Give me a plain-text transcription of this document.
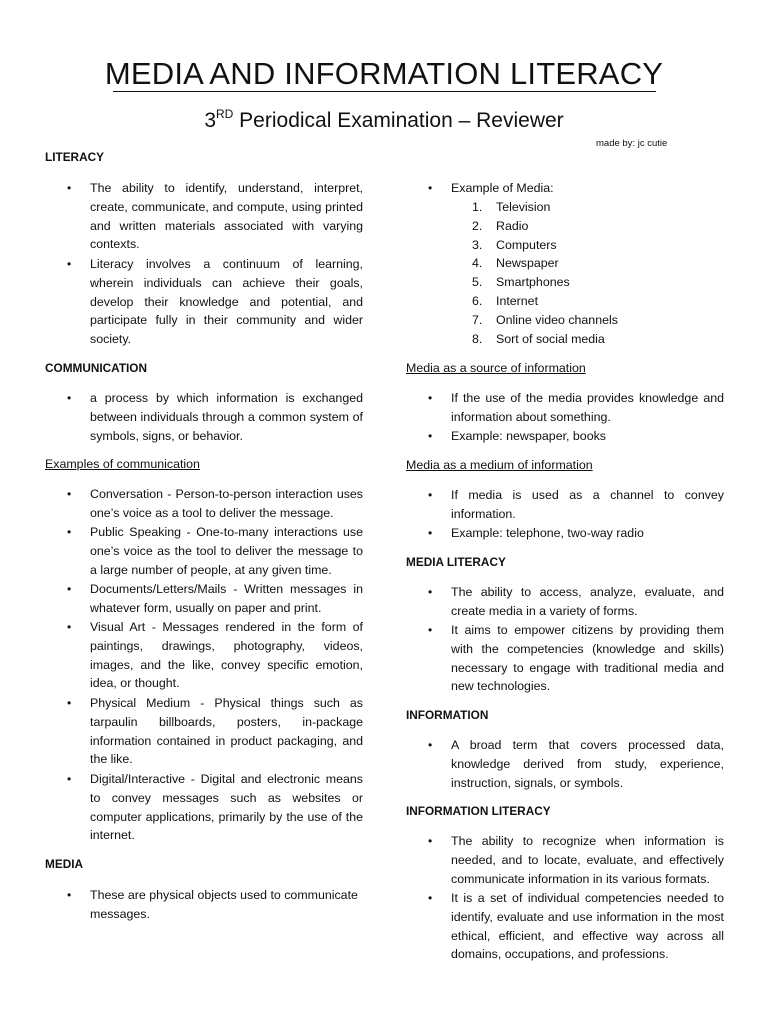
MEDIA AND INFORMATION LITERACY
3RD Periodical Examination – Reviewer
made by: jc cutie
LITERACY
• The ability to identify, understand, interpret, create, communicate, and compute, using printed and written materials associated with varying contexts.
• Literacy involves a continuum of learning, wherein individuals can achieve their goals, develop their knowledge and potential, and participate fully in their community and wider society.
COMMUNICATION
• a process by which information is exchanged between individuals through a common system of symbols, signs, or behavior.
Examples of communication
• Conversation - Person-to-person interaction uses one’s voice as a tool to deliver the message.
• Public Speaking - One-to-many interactions use one’s voice as the tool to deliver the message to a large number of people, at any given time.
• Documents/Letters/Mails - Written messages in whatever form, usually on paper and print.
• Visual Art - Messages rendered in the form of paintings, drawings, photography, videos, images, and the like, convey specific emotion, idea, or thought.
• Physical Medium - Physical things such as tarpaulin billboards, posters, in-package information contained in product packaging, and the like.
• Digital/Interactive - Digital and electronic means to convey messages such as websites or computer applications, primarily by the use of the internet.
MEDIA
• These are physical objects used to communicate messages.
• Example of Media:
1.	Television
2.	Radio
3.	Computers
4.	Newspaper
5.	Smartphones
6.	Internet
7.	Online video channels
8.	Sort of social media
Media as a source of information
• If the use of the media provides knowledge and information about something.
• Example: newspaper, books
Media as a medium of information
• If media is used as a channel to convey information.
• Example: telephone, two-way radio
MEDIA LITERACY
• The ability to access, analyze, evaluate, and create media in a variety of forms.
• It aims to empower citizens by providing them with the competencies (knowledge and skills) necessary to engage with traditional media and new technologies.
INFORMATION
• A broad term that covers processed data, knowledge derived from study, experience, instruction, signals, or symbols.
INFORMATION LITERACY
• The ability to recognize when information is needed, and to locate, evaluate, and effectively communicate information in its various formats.
• It is a set of individual competencies needed to identify, evaluate and use information in the most ethical, efficient, and effective way across all domains, occupations, and professions.
